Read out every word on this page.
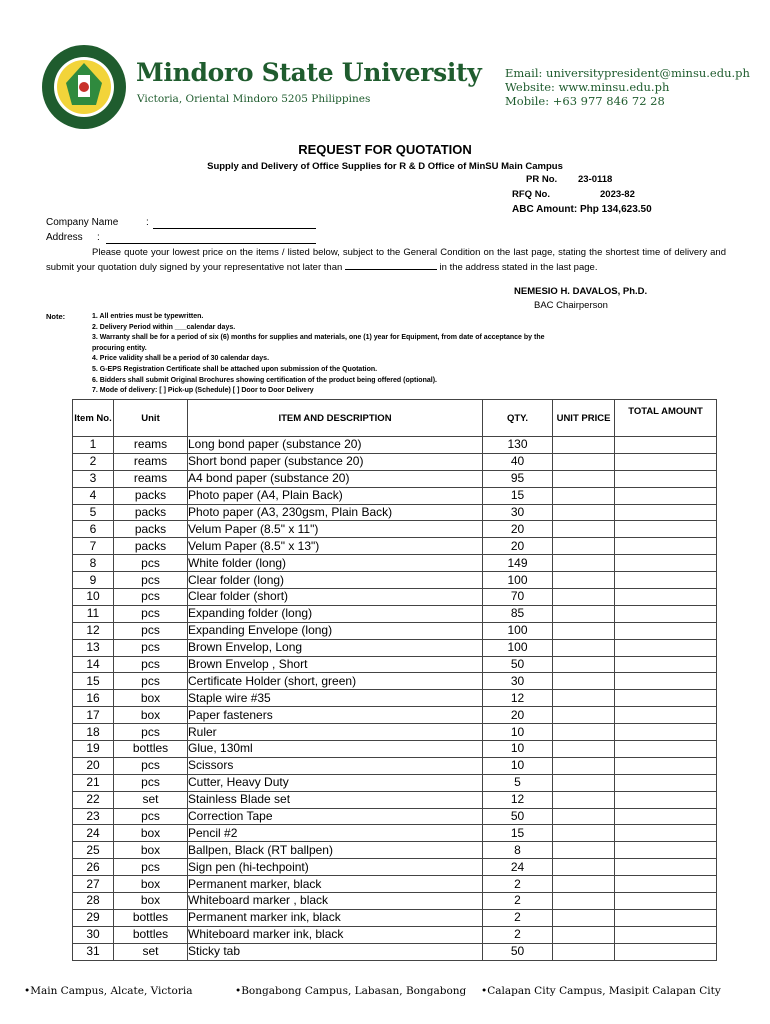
Mindoro State University
Victoria, Oriental Mindoro 5205 Philippines
Email: universitypresident@minsu.edu.ph
Website: www.minsu.edu.ph
Mobile: +63 977 846 72 28
REQUEST FOR QUOTATION
Supply and Delivery of Office Supplies for R & D Office of MinSU Main Campus
PR No. 23-0118
RFQ No.	2023-82
ABC Amount: Php 134,623.50
Company Name	:
Address :
Please quote your lowest price on the items / listed below, subject to the General Condition on the last page, stating the shortest time of delivery and submit your quotation duly signed by your representative not later than	in the address stated in the last page.
NEMESIO H. DAVALOS, Ph.D.
BAC Chairperson
Note:	1. All entries must be typewritten.
2. Delivery Period within ___calendar days.
3. Warranty shall be for a period of six (6) months for supplies and materials, one (1) year for Equipment, from date of acceptance by the procuring entity.
4. Price validity shall be a period of 30 calendar days.
5. G-EPS Registration Certificate shall be attached upon submission of the Quotation.
6. Bidders shall submit Original Brochures showing certification of the product being offered (optional).
7. Mode of delivery: [ ] Pick-up (Schedule) [ ] Door to Door Delivery
Item No.	Unit	ITEM AND DESCRIPTION	QTY.	UNIT PRICE	TOTAL AMOUNT
1	reams	Long bond paper (substance 20)	130		
2	reams	Short bond paper (substance 20)	40		
3	reams	A4 bond paper (substance 20)	95		
4	packs	Photo paper (A4, Plain Back)	15		
5	packs	Photo paper (A3, 230gsm, Plain Back)	30		
6	packs	Velum Paper (8.5" x 11")	20		
7	packs	Velum Paper (8.5" x 13")	20		
8	pcs	White folder (long)	149		
9	pcs	Clear folder (long)	100		
10	pcs	Clear folder (short)	70		
11	pcs	Expanding folder (long)	85		
12	pcs	Expanding Envelope (long)	100		
13	pcs	Brown Envelop, Long	100		
14	pcs	Brown Envelop , Short	50		
15	pcs	Certificate Holder (short, green)	30		
16	box	Staple wire #35	12		
17	box	Paper fasteners	20		
18	pcs	Ruler	10		
19	bottles	Glue, 130ml	10		
20	pcs	Scissors	10		
21	pcs	Cutter, Heavy Duty	5		
22	set	Stainless Blade set	12		
23	pcs	Correction Tape	50		
24	box	Pencil #2	15		
25	box	Ballpen, Black (RT ballpen)	8		
26	pcs	Sign pen (hi-techpoint)	24		
27	box	Permanent marker, black	2		
28	box	Whiteboard marker , black	2		
29	bottles	Permanent marker ink, black	2		
30	bottles	Whiteboard marker ink, black	2		
31	set	Sticky tab	50		
•Main Campus, Alcate, Victoria	•Bongabong Campus, Labasan, Bongabong •Calapan City Campus, Masipit Calapan City
